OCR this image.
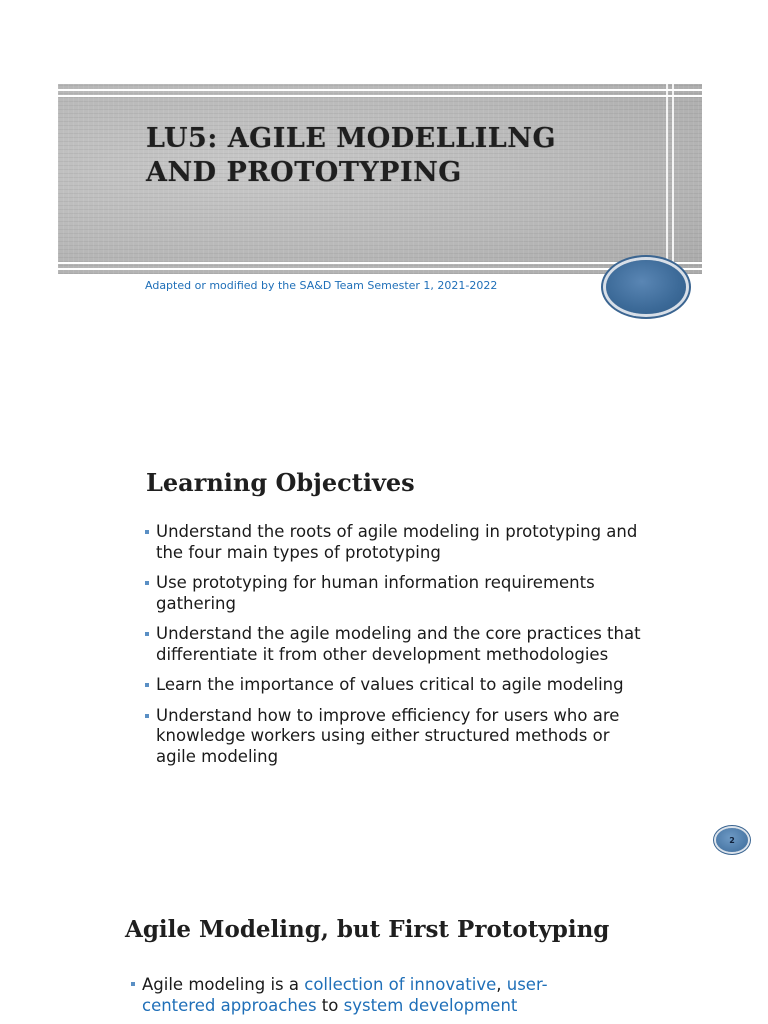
LU5: AGILE MODELLILNG
AND PROTOTYPING
Adapted or modified by the SA&D Team Semester 1, 2021-2022
Learning Objectives
Understand the roots of agile modeling in prototyping and the four main types of prototyping
Use prototyping for human information requirements gathering
Understand the agile modeling and the core practices that differentiate it from other development methodologies
Learn the importance of values critical to agile modeling
Understand how to improve efficiency for users who are knowledge workers using either structured methods or agile modeling
2
Agile Modeling, but First Prototyping
Agile modeling is a collection of innovative, user-centered approaches to system development
